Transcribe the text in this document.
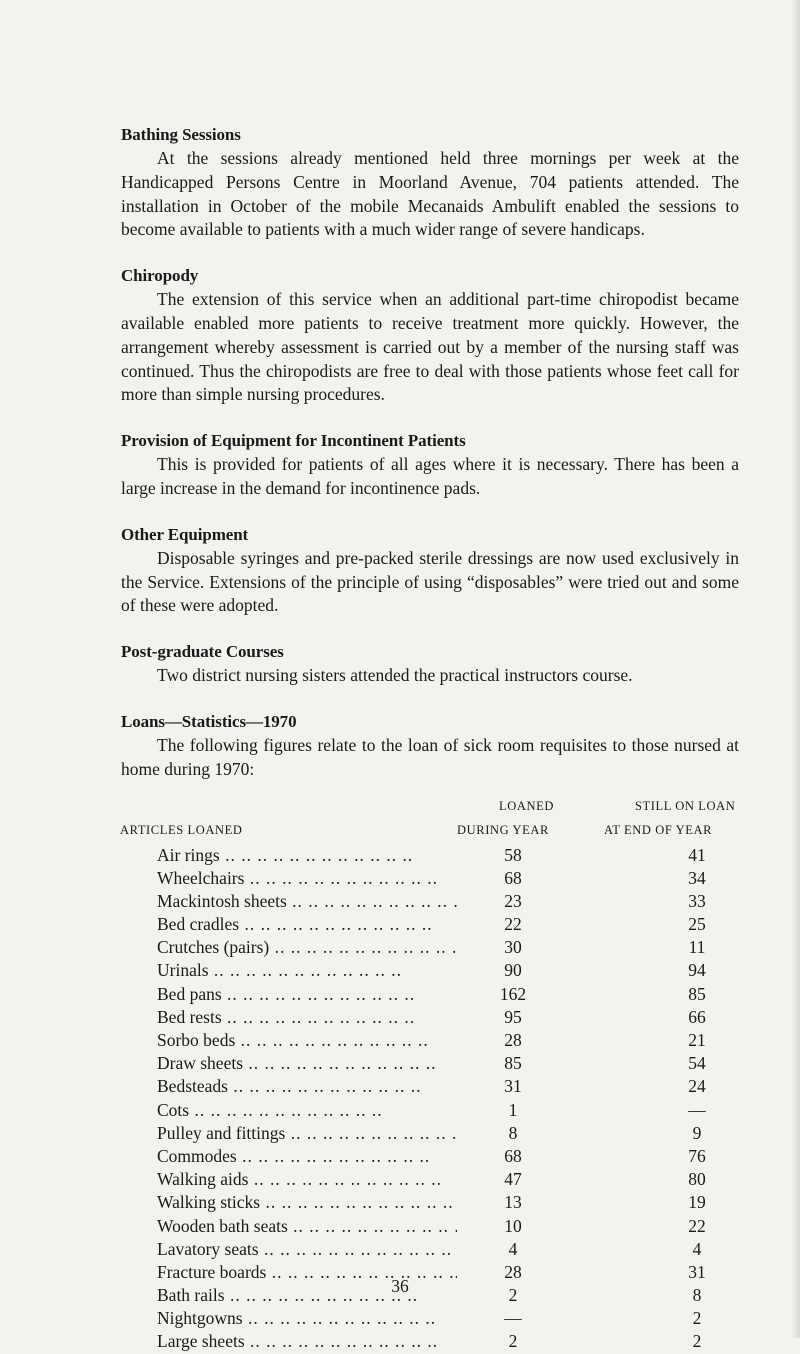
Bathing Sessions
At the sessions already mentioned held three mornings per week at the Handicapped Persons Centre in Moorland Avenue, 704 patients attended. The installation in October of the mobile Mecanaids Ambulift enabled the sessions to become available to patients with a much wider range of severe handicaps.
Chiropody
The extension of this service when an additional part-time chiropodist became available enabled more patients to receive treatment more quickly. However, the arrangement whereby assessment is carried out by a member of the nursing staff was continued. Thus the chiropodists are free to deal with those patients whose feet call for more than simple nursing procedures.
Provision of Equipment for Incontinent Patients
This is provided for patients of all ages where it is necessary. There has been a large increase in the demand for incontinence pads.
Other Equipment
Disposable syringes and pre-packed sterile dressings are now used exclusively in the Service. Extensions of the principle of using “disposables” were tried out and some of these were adopted.
Post-graduate Courses
Two district nursing sisters attended the practical instructors course.
Loans—Statistics—1970
The following figures relate to the loan of sick room requisites to those nursed at home during 1970:
ARTICLES LOANED
LOANED
DURING YEAR
STILL ON LOAN
AT END OF YEAR
Air rings .. ..	58	41
Wheelchairs .. ..	68	34
Mackintosh sheets .. ..	23	33
Bed cradles .. ..	22	25
Crutches (pairs) .. ..	30	11
Urinals .. ..	90	94
Bed pans .. ..	162	85
Bed rests .. ..	95	66
Sorbo beds .. ..	28	21
Draw sheets .. ..	85	54
Bedsteads .. ..	31	24
Cots .. ..	1	—
Pulley and fittings .. ..	8	9
Commodes .. ..	68	76
Walking aids .. ..	47	80
Walking sticks .. ..	13	19
Wooden bath seats .. ..	10	22
Lavatory seats .. ..	4	4
Fracture boards .. ..	28	31
Bath rails .. ..	2	8
Nightgowns .. ..	—	2
Large sheets .. ..	2	2
36
